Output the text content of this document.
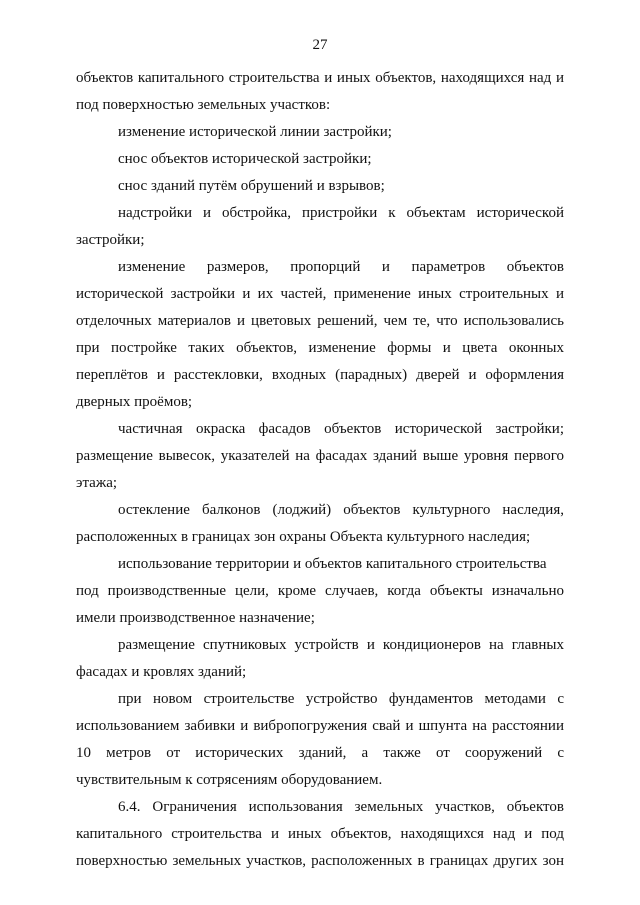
27
объектов капитального строительства и иных объектов, находящихся над и
под поверхностью земельных участков:
изменение исторической линии застройки;
снос объектов исторической застройки;
снос зданий путём обрушений и взрывов;
надстройки и обстройка, пристройки к объектам исторической
застройки;
изменение размеров, пропорций и параметров объектов
исторической застройки и их частей, применение иных строительных и
отделочных материалов и цветовых решений, чем те, что использовались
при постройке таких объектов, изменение формы и цвета оконных
переплётов и расстекловки, входных (парадных) дверей и оформления
дверных проёмов;
частичная окраска фасадов объектов исторической застройки;
размещение вывесок, указателей на фасадах зданий выше уровня первого
этажа;
остекление балконов (лоджий) объектов культурного наследия,
расположенных в границах зон охраны Объекта культурного наследия;
использование территории и объектов капитального строительства
под производственные цели, кроме случаев, когда объекты изначально
имели производственное назначение;
размещение спутниковых устройств и кондиционеров на главных
фасадах и кровлях зданий;
при новом строительстве устройство фундаментов методами с
использованием забивки и вибропогружения свай и шпунта на расстоянии
10 метров от исторических зданий, а также от сооружений с
чувствительным к сотрясениям оборудованием.
6.4. Ограничения использования земельных участков, объектов
капитального строительства и иных объектов, находящихся над и под
поверхностью земельных участков, расположенных в границах других зон
